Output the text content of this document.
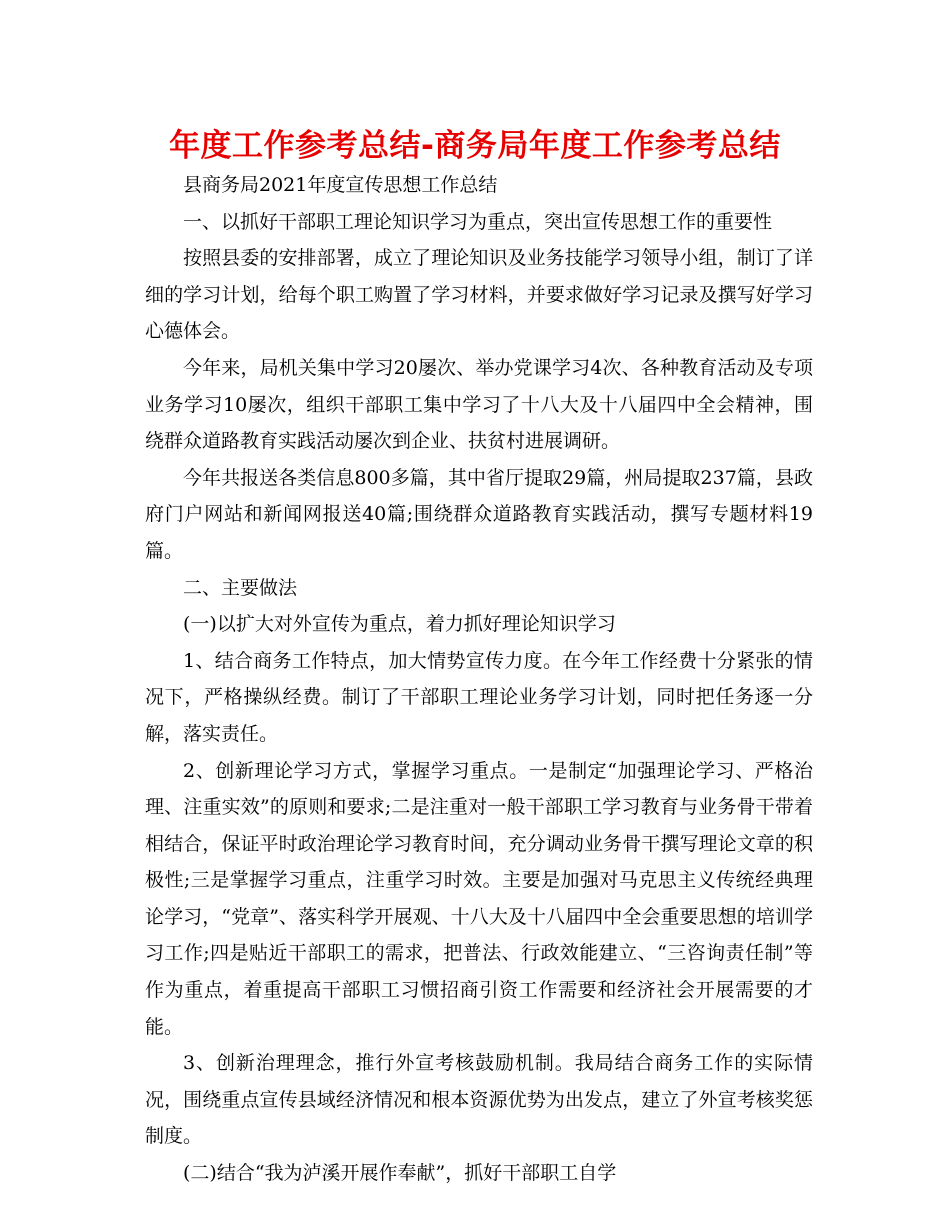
年度工作参考总结-商务局年度工作参考总结

县商务局2021年度宣传思想工作总结

一、以抓好干部职工理论知识学习为重点，突出宣传思想工作的重要性

按照县委的安排部署，成立了理论知识及业务技能学习领导小组，制订了详细的学习计划，给每个职工购置了学习材料，并要求做好学习记录及撰写好学习心德体会。

今年来，局机关集中学习20屡次、举办党课学习4次、各种教育活动及专项业务学习10屡次，组织干部职工集中学习了十八大及十八届四中全会精神，围绕群众道路教育实践活动屡次到企业、扶贫村进展调研。

今年共报送各类信息800多篇，其中省厅提取29篇，州局提取237篇，县政府门户网站和新闻网报送40篇;围绕群众道路教育实践活动，撰写专题材料19篇。

二、主要做法

(一)以扩大对外宣传为重点，着力抓好理论知识学习

1、结合商务工作特点，加大情势宣传力度。在今年工作经费十分紧张的情况下，严格操纵经费。制订了干部职工理论业务学习计划，同时把任务逐一分解，落实责任。

2、创新理论学习方式，掌握学习重点。一是制定“加强理论学习、严格治理、注重实效”的原则和要求;二是注重对一般干部职工学习教育与业务骨干带着相结合，保证平时政治理论学习教育时间，充分调动业务骨干撰写理论文章的积极性;三是掌握学习重点，注重学习时效。主要是加强对马克思主义传统经典理论学习，“党章”、落实科学开展观、十八大及十八届四中全会重要思想的培训学习工作;四是贴近干部职工的需求，把普法、行政效能建立、“三咨询责任制”等作为重点，着重提高干部职工习惯招商引资工作需要和经济社会开展需要的才能。

3、创新治理理念，推行外宣考核鼓励机制。我局结合商务工作的实际情况，围绕重点宣传县域经济情况和根本资源优势为出发点，建立了外宣考核奖惩制度。

(二)结合“我为泸溪开展作奉献”，抓好干部职工自学
